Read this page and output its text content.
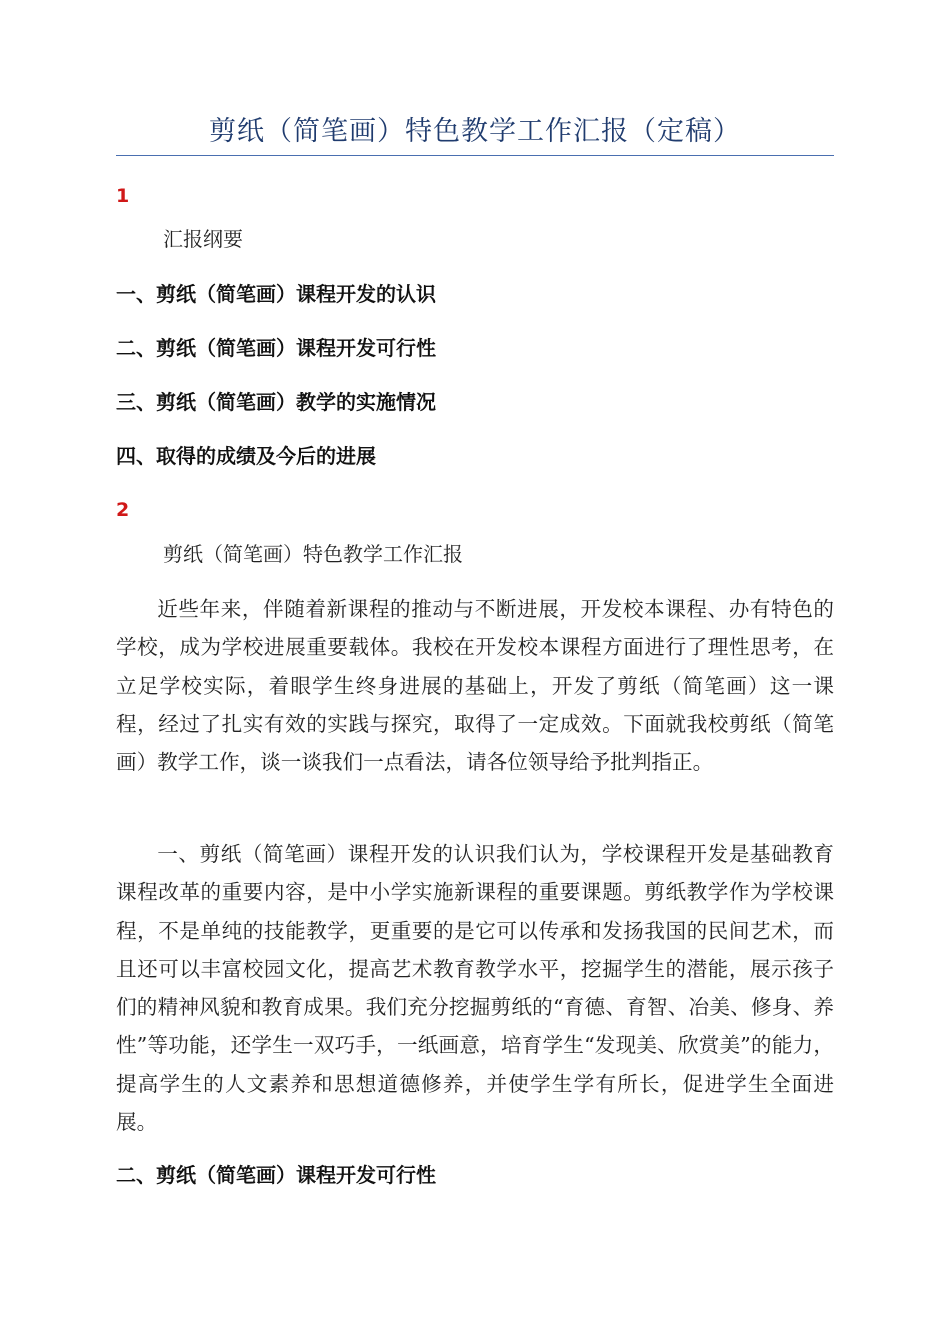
剪纸（简笔画）特色教学工作汇报（定稿）
1
汇报纲要
一、剪纸（简笔画）课程开发的认识
二、剪纸（简笔画）课程开发可行性
三、剪纸（简笔画）教学的实施情况
四、取得的成绩及今后的进展
2
剪纸（简笔画）特色教学工作汇报

近些年来，伴随着新课程的推动与不断进展，开发校本课程、办有特色的学校，成为学校进展重要载体。我校在开发校本课程方面进行了理性思考，在立足学校实际，着眼学生终身进展的基础上，开发了剪纸（简笔画）这一课程，经过了扎实有效的实践与探究，取得了一定成效。下面就我校剪纸（简笔画）教学工作，谈一谈我们一点看法，请各位领导给予批判指正。

一、剪纸（简笔画）课程开发的认识我们认为，学校课程开发是基础教育课程改革的重要内容，是中小学实施新课程的重要课题。剪纸教学作为学校课程，不是单纯的技能教学，更重要的是它可以传承和发扬我国的民间艺术，而且还可以丰富校园文化，提高艺术教育教学水平，挖掘学生的潜能，展示孩子们的精神风貌和教育成果。我们充分挖掘剪纸的“育德、育智、冶美、修身、养性”等功能，还学生一双巧手，一纸画意，培育学生“发现美、欣赏美”的能力，提高学生的人文素养和思想道德修养，并使学生学有所长，促进学生全面进展。

二、剪纸（简笔画）课程开发可行性
